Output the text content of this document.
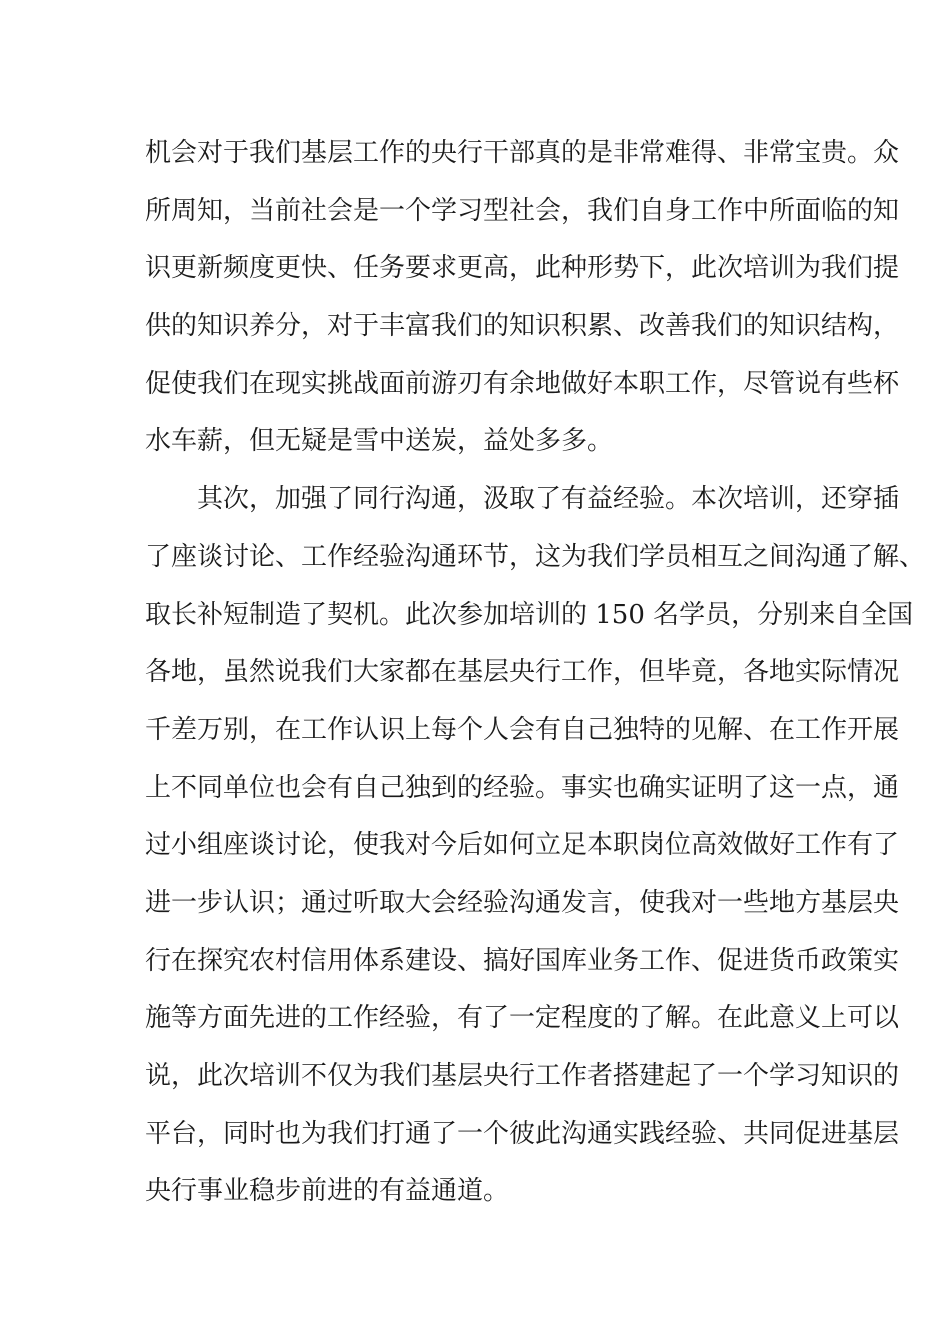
机会对于我们基层工作的央行干部真的是非常难得、非常宝贵。众
所周知，当前社会是一个学习型社会，我们自身工作中所面临的知
识更新频度更快、任务要求更高，此种形势下，此次培训为我们提
供的知识养分，对于丰富我们的知识积累、改善我们的知识结构，
促使我们在现实挑战面前游刃有余地做好本职工作，尽管说有些杯
水车薪，但无疑是雪中送炭，益处多多。
　　其次，加强了同行沟通，汲取了有益经验。本次培训，还穿插
了座谈讨论、工作经验沟通环节，这为我们学员相互之间沟通了解、
取长补短制造了契机。此次参加培训的 150 名学员，分别来自全国
各地，虽然说我们大家都在基层央行工作，但毕竟，各地实际情况
千差万别，在工作认识上每个人会有自己独特的见解、在工作开展
上不同单位也会有自己独到的经验。事实也确实证明了这一点，通
过小组座谈讨论，使我对今后如何立足本职岗位高效做好工作有了
进一步认识；通过听取大会经验沟通发言，使我对一些地方基层央
行在探究农村信用体系建设、搞好国库业务工作、促进货币政策实
施等方面先进的工作经验，有了一定程度的了解。在此意义上可以
说，此次培训不仅为我们基层央行工作者搭建起了一个学习知识的
平台，同时也为我们打通了一个彼此沟通实践经验、共同促进基层
央行事业稳步前进的有益通道。
